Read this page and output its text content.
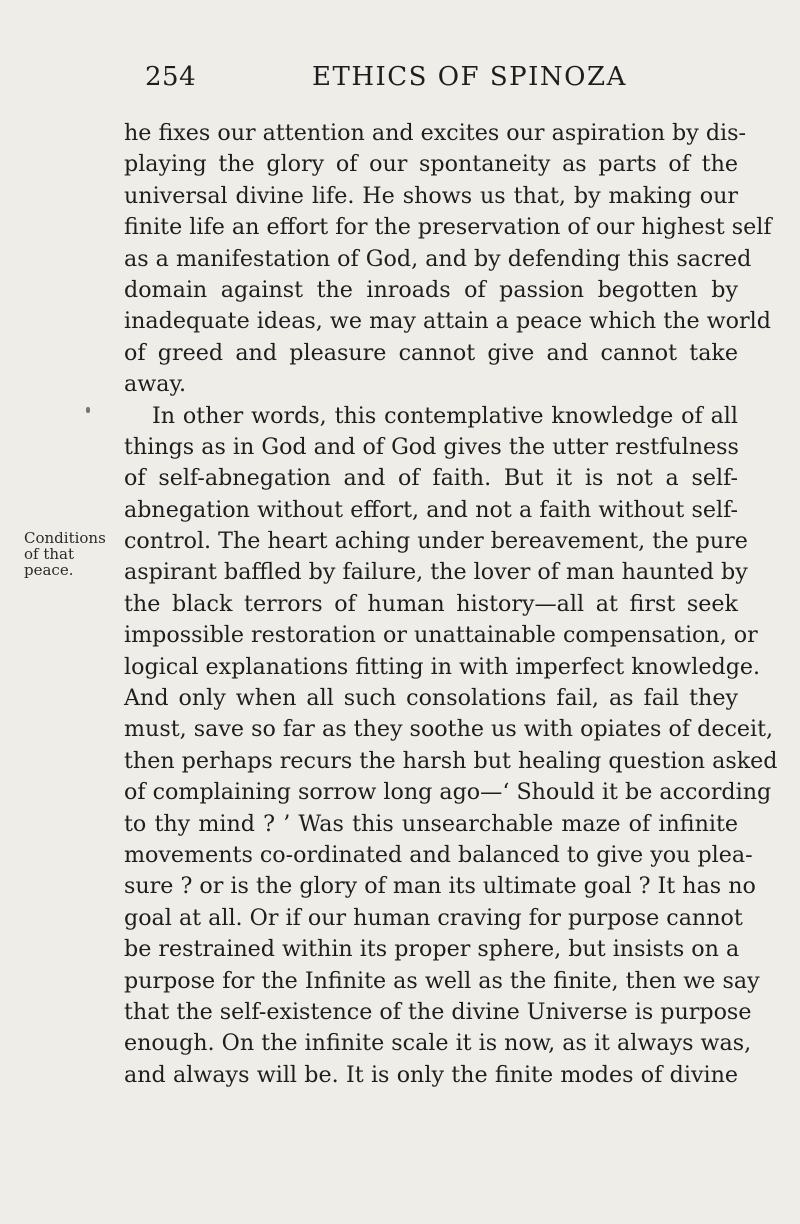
254	ETHICS OF SPINOZA
Conditions
of that
peace.
he fixes our attention and excites our aspiration by dis-
playing the glory of our spontaneity as parts of the
universal divine life. He shows us that, by making our
finite life an effort for the preservation of our highest self
as a manifestation of God, and by defending this sacred
domain against the inroads of passion begotten by
inadequate ideas, we may attain a peace which the world
of greed and pleasure cannot give and cannot take
away.
In other words, this contemplative knowledge of all
things as in God and of God gives the utter restfulness
of self-abnegation and of faith. But it is not a self-
abnegation without effort, and not a faith without self-
control. The heart aching under bereavement, the pure
aspirant baffled by failure, the lover of man haunted by
the black terrors of human history—all at first seek
impossible restoration or unattainable compensation, or
logical explanations fitting in with imperfect knowledge.
And only when all such consolations fail, as fail they
must, save so far as they soothe us with opiates of deceit,
then perhaps recurs the harsh but healing question asked
of complaining sorrow long ago—‘ Should it be according
to thy mind ? ’ Was this unsearchable maze of infinite
movements co-ordinated and balanced to give you plea-
sure ? or is the glory of man its ultimate goal ? It has no
goal at all. Or if our human craving for purpose cannot
be restrained within its proper sphere, but insists on a
purpose for the Infinite as well as the finite, then we say
that the self-existence of the divine Universe is purpose
enough. On the infinite scale it is now, as it always was,
and always will be. It is only the finite modes of divine
